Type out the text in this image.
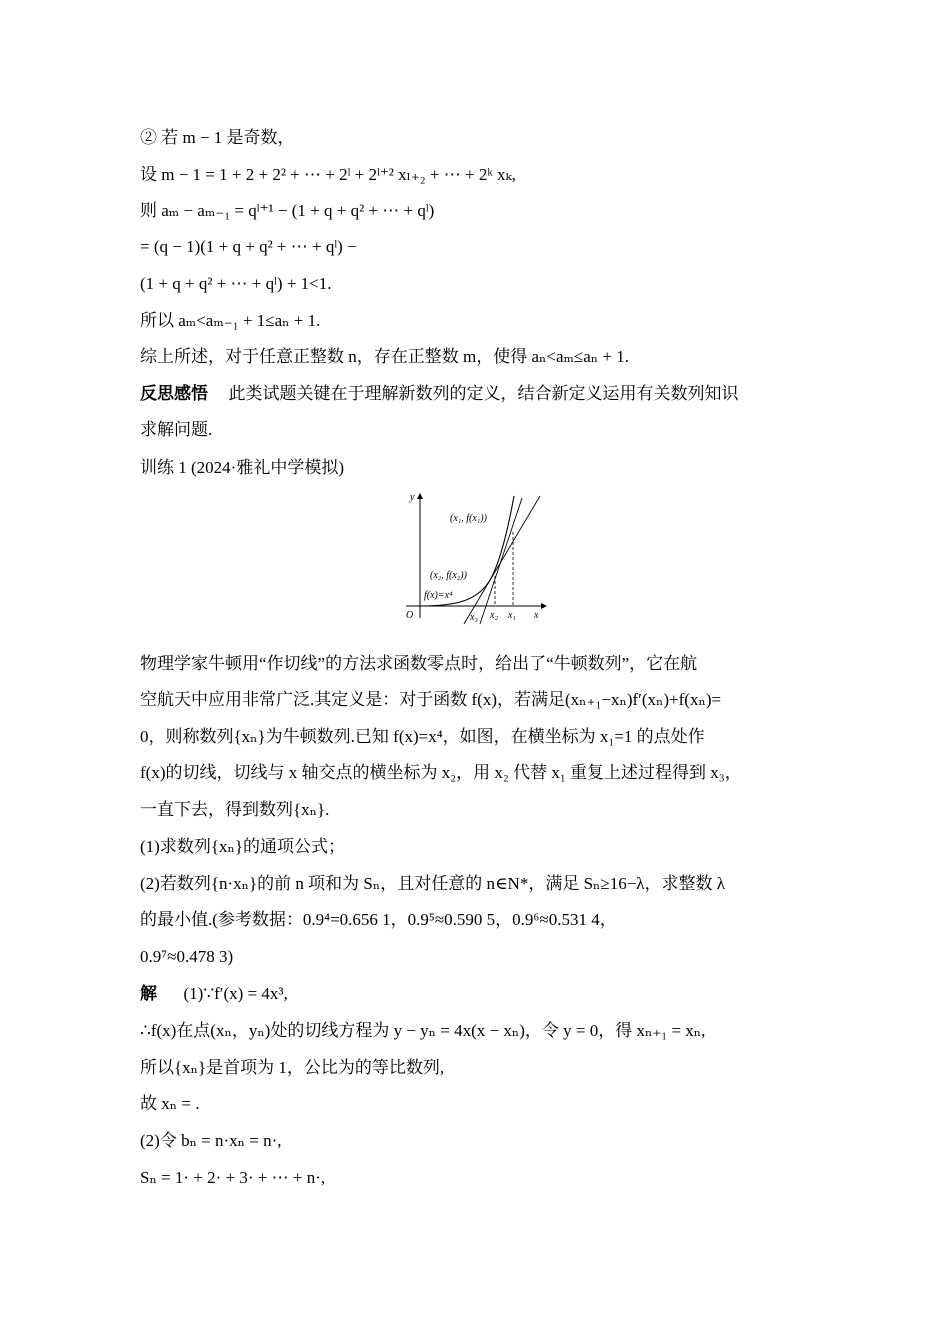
② 若 m − 1 是奇数，
设 m − 1 = 1 + 2 + 2² + ⋯ + 2ˡ + 2ˡ⁺² xₗ₊₂ + ⋯ + 2ᵏ xₖ,
则 aₘ − aₘ₋₁ = qˡ⁺¹ − (1 + q + q² + ⋯ + qˡ)
= (q − 1)(1 + q + q² + ⋯ + qˡ) −
(1 + q + q² + ⋯ + qˡ) + 1<1.
所以 aₘ<aₘ₋₁ + 1≤aₙ + 1.
综上所述，对于任意正整数 n，存在正整数 m，使得 aₙ<aₘ≤aₙ + 1.
反思感悟 此类试题关键在于理解新数列的定义，结合新定义运用有关数列知识
求解问题.
训练 1 (2024·雅礼中学模拟)
y
x
O
(x₁, f(x₁))
(x₂, f(x₂))
f(x)=x⁴
x₁
x₂
x₃
物理学家牛顿用“作切线”的方法求函数零点时，给出了“牛顿数列”，它在航
空航天中应用非常广泛.其定义是：对于函数 f(x)，若满足(xₙ₊₁−xₙ)f′(xₙ)+f(xₙ)=
0，则称数列{xₙ}为牛顿数列.已知 f(x)=x⁴，如图，在横坐标为 x₁=1 的点处作
f(x)的切线，切线与 x 轴交点的横坐标为 x₂，用 x₂ 代替 x₁ 重复上述过程得到 x₃，
一直下去，得到数列{xₙ}.
(1)求数列{xₙ}的通项公式；
(2)若数列{n·xₙ}的前 n 项和为 Sₙ，且对任意的 n∈N*，满足 Sₙ≥16−λ，求整数 λ
的最小值.(参考数据：0.9⁴=0.656 1，0.9⁵≈0.590 5，0.9⁶≈0.531 4，
0.9⁷≈0.478 3)
解 (1)∵f′(x) = 4x³,
∴f(x)在点(xₙ，yₙ)处的切线方程为 y − yₙ = 4x(x − xₙ)，令 y = 0，得 xₙ₊₁ = xₙ,
所以{xₙ}是首项为 1，公比为的等比数列,
故 xₙ = .
(2)令 bₙ = n·xₙ = n·,
Sₙ = 1· + 2· + 3· + ⋯ + n·,
